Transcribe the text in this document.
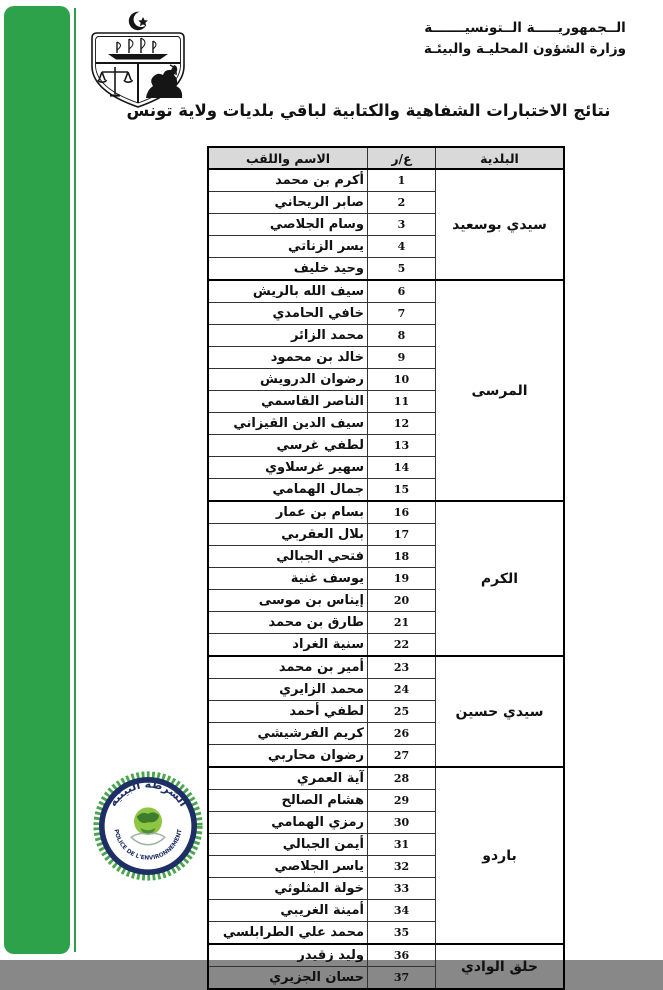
الــجمهوريـــــة الــتونسيـــــــة
وزارة الشؤون المحليـة والبيئـة
نتائج الاختبارات الشفاهية والكتابية لباقي بلديات ولاية تونس
البلدية	ع/ر	الاسم واللقب
سيدي بوسعيد	1	أكرم بن محمد
	2	صابر الريحاني
	3	وسام الجلاصي
	4	يسر الزناتي
	5	وحيد خليف
المرسى	6	سيف الله بالريش
	7	خافي الحامدي
	8	محمد الزائر
	9	خالد بن محمود
	10	رضوان الدرويش
	11	الناصر القاسمي
	12	سيف الدين القيزاني
	13	لطفي غرسي
	14	سهير غرسلاوي
	15	جمال الهمامي
الكرم	16	بسام بن عمار
	17	بلال العقربي
	18	فتحي الجبالي
	19	يوسف غنية
	20	إيناس بن موسى
	21	طارق بن محمد
	22	سنية الغراد
سيدي حسين	23	أمير بن محمد
	24	محمد الزايري
	25	لطفي أحمد
	26	كريم الفرشيشي
	27	رضوان محاربي
باردو	28	آية العمري
	29	هشام الصالح
	30	رمزي الهمامي
	31	أيمن الجبالي
	32	ياسر الجلاصي
	33	خولة المثلوثي
	34	أمينة الغريبي
	35	محمد علي الطرابلسي
حلق الوادي	36	وليد زقيدر
	37	حسان الجزيري
الشرطة البيئية
POLICE DE L'ENVIRONNEMENT
